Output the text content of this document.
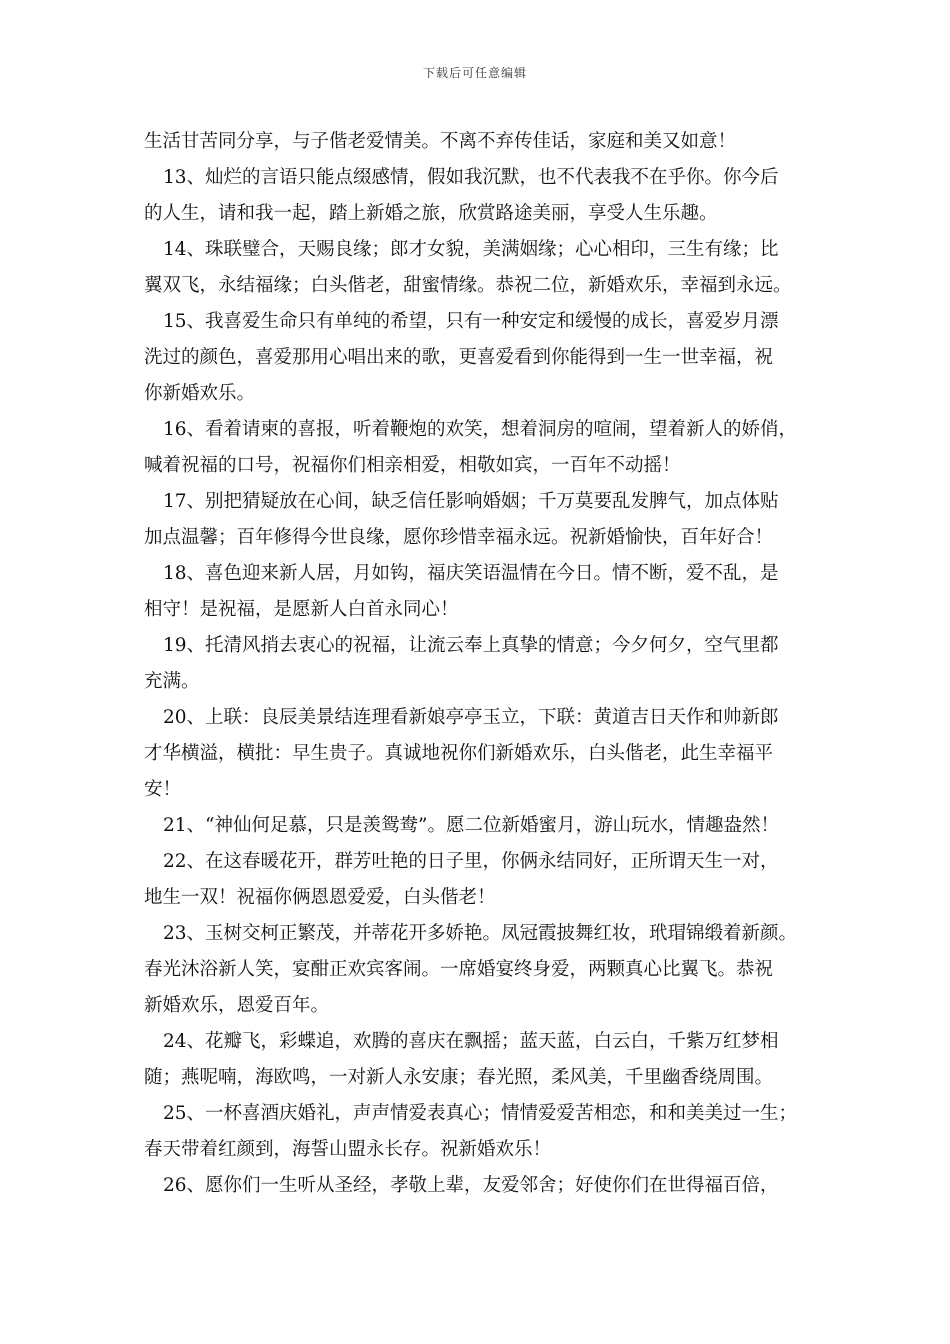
下载后可任意编辑
生活甘苦同分享，与子偕老爱情美。不离不弃传佳话，家庭和美又如意！
13、灿烂的言语只能点缀感情，假如我沉默，也不代表我不在乎你。你今后
的人生，请和我一起，踏上新婚之旅，欣赏路途美丽，享受人生乐趣。
14、珠联璧合，天赐良缘；郎才女貌，美满姻缘；心心相印，三生有缘；比
翼双飞，永结福缘；白头偕老，甜蜜情缘。恭祝二位，新婚欢乐，幸福到永远。
15、我喜爱生命只有单纯的希望，只有一种安定和缓慢的成长，喜爱岁月漂
洗过的颜色，喜爱那用心唱出来的歌，更喜爱看到你能得到一生一世幸福，祝
你新婚欢乐。
16、看着请柬的喜报，听着鞭炮的欢笑，想着洞房的喧闹，望着新人的娇俏，
喊着祝福的口号，祝福你们相亲相爱，相敬如宾，一百年不动摇！
17、别把猜疑放在心间，缺乏信任影响婚姻；千万莫要乱发脾气，加点体贴
加点温馨；百年修得今世良缘，愿你珍惜幸福永远。祝新婚愉快，百年好合！
18、喜色迎来新人居，月如钩，福庆笑语温情在今日。情不断，爱不乱，是
相守！是祝福，是愿新人白首永同心！
19、托清风捎去衷心的祝福，让流云奉上真挚的情意；今夕何夕，空气里都
充满。
20、上联：良辰美景结连理看新娘亭亭玉立，下联：黄道吉日天作和帅新郎
才华横溢，横批：早生贵子。真诚地祝你们新婚欢乐，白头偕老，此生幸福平
安！
21、“神仙何足慕，只是羡鸳鸯”。愿二位新婚蜜月，游山玩水，情趣盎然！
22、在这春暖花开，群芳吐艳的日子里，你俩永结同好，正所谓天生一对，
地生一双！祝福你俩恩恩爱爱，白头偕老！
23、玉树交柯正繁茂，并蒂花开多娇艳。凤冠霞披舞红妆，玳瑁锦缎着新颜。
春光沐浴新人笑，宴酣正欢宾客闹。一席婚宴终身爱，两颗真心比翼飞。恭祝
新婚欢乐，恩爱百年。
24、花瓣飞，彩蝶追，欢腾的喜庆在飘摇；蓝天蓝，白云白，千紫万红梦相
随；燕呢喃，海欧鸣，一对新人永安康；春光照，柔风美，千里幽香绕周围。
25、一杯喜酒庆婚礼，声声情爱表真心；情情爱爱苦相恋，和和美美过一生；
春天带着红颜到，海誓山盟永长存。祝新婚欢乐！
26、愿你们一生听从圣经，孝敬上辈，友爱邻舍；好使你们在世得福百倍，
